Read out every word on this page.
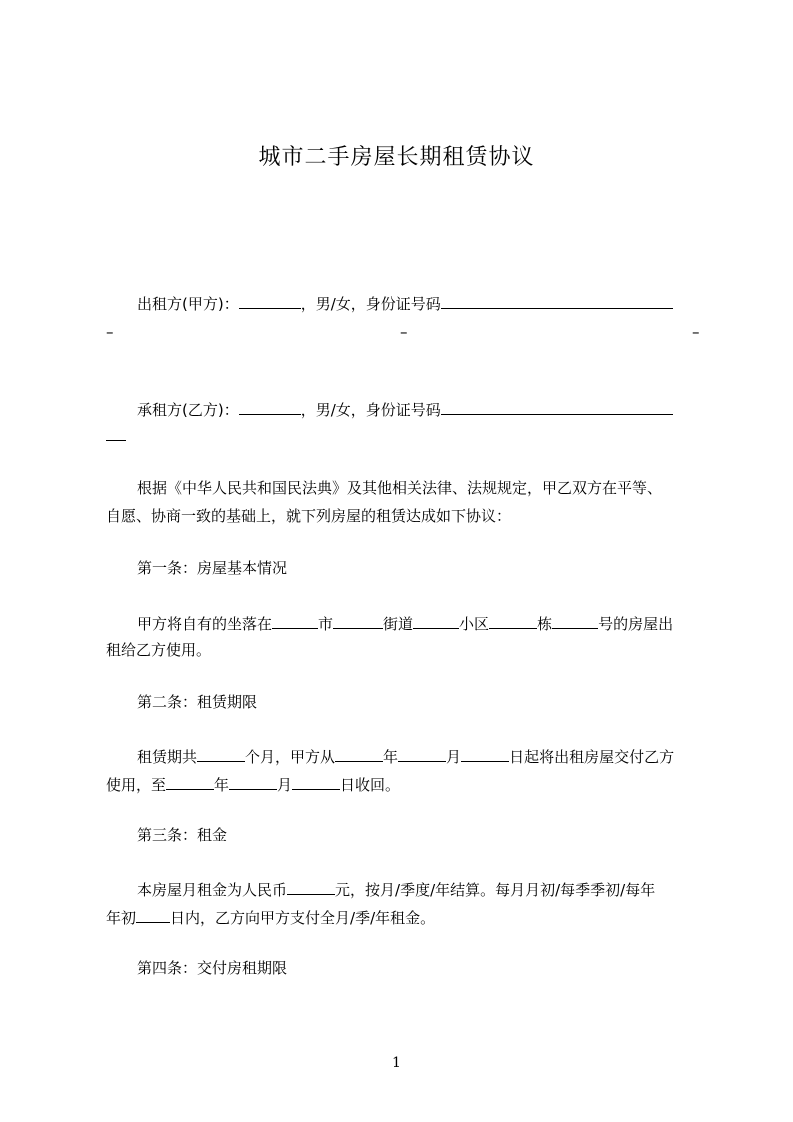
城市二手房屋长期租赁协议
出租方(甲方)：	，男/女，身份证号码
–	–	–
承租方(乙方)：	，男/女，身份证号码
根据《中华人民共和国民法典》及其他相关法律、法规规定，甲乙双方在平等、
自愿、协商一致的基础上，就下列房屋的租赁达成如下协议：
第一条：房屋基本情况
甲方将自有的坐落在	市	街道	小区	栋	号的房屋出
租给乙方使用。
第二条：租赁期限
租赁期共	个月，甲方从	年	月	日起将出租房屋交付乙方
使用，至	年	月	日收回。
第三条：租金
本房屋月租金为人民币	元，按月/季度/年结算。每月月初/每季季初/每年
年初 日内，乙方向甲方支付全月/季/年租金。
第四条：交付房租期限
1
